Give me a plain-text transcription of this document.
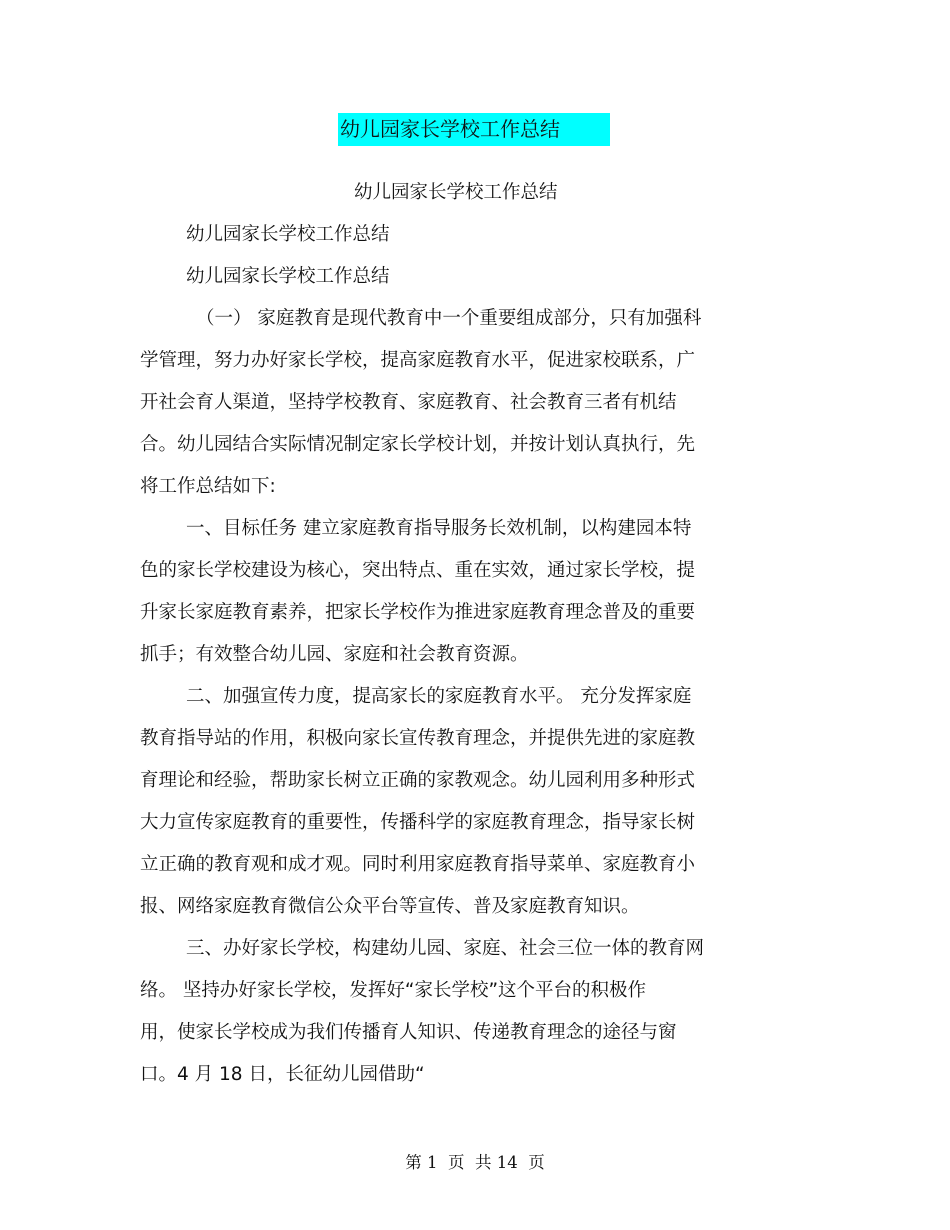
幼儿园家长学校工作总结
幼儿园家长学校工作总结
幼儿园家长学校工作总结
幼儿园家长学校工作总结
（一） 家庭教育是现代教育中一个重要组成部分，只有加强科
学管理，努力办好家长学校，提高家庭教育水平，促进家校联系，广
开社会育人渠道，坚持学校教育、家庭教育、社会教育三者有机结
合。幼儿园结合实际情况制定家长学校计划，并按计划认真执行，先
将工作总结如下:
一、目标任务 建立家庭教育指导服务长效机制，以构建园本特
色的家长学校建设为核心，突出特点、重在实效，通过家长学校，提
升家长家庭教育素养，把家长学校作为推进家庭教育理念普及的重要
抓手；有效整合幼儿园、家庭和社会教育资源。
二、加强宣传力度，提高家长的家庭教育水平。 充分发挥家庭
教育指导站的作用，积极向家长宣传教育理念，并提供先进的家庭教
育理论和经验，帮助家长树立正确的家教观念。幼儿园利用多种形式
大力宣传家庭教育的重要性，传播科学的家庭教育理念，指导家长树
立正确的教育观和成才观。同时利用家庭教育指导菜单、家庭教育小
报、网络家庭教育微信公众平台等宣传、普及家庭教育知识。
三、办好家长学校，构建幼儿园、家庭、社会三位一体的教育网
络。 坚持办好家长学校，发挥好“家长学校”这个平台的积极作
用，使家长学校成为我们传播育人知识、传递教育理念的途径与窗
口。4 月 18 日，长征幼儿园借助“
第 1  页  共 14  页
